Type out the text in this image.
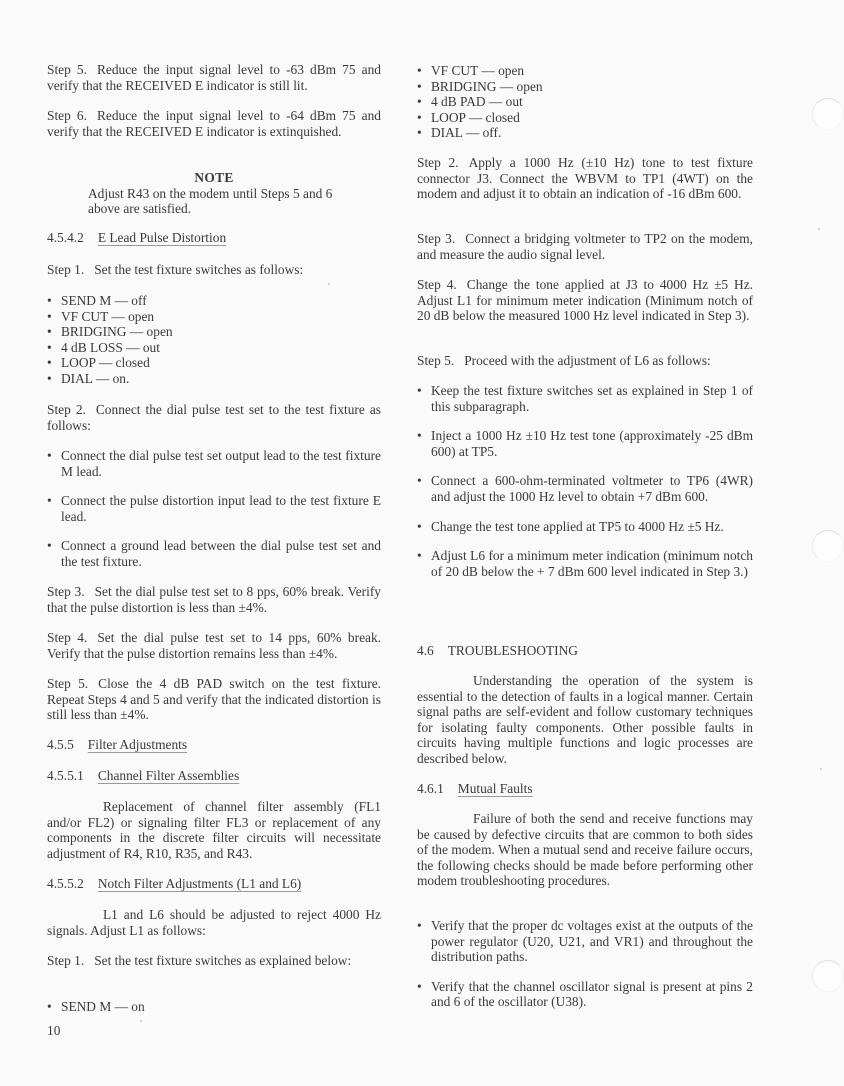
Step 5. Reduce the input signal level to -63 dBm 75 and verify that the RECEIVED E indicator is still lit.

Step 6. Reduce the input signal level to -64 dBm 75 and verify that the RECEIVED E indicator is extinquished.

NOTE

Adjust R43 on the modem until Steps 5 and 6 above are satisfied.

4.5.4.2 E Lead Pulse Distortion

Step 1. Set the test fixture switches as follows:

• SEND M — off
• VF CUT — open
• BRIDGING — open
• 4 dB LOSS — out
• LOOP — closed
• DIAL — on.

Step 2. Connect the dial pulse test set to the test fixture as follows:

• Connect the dial pulse test set output lead to the test fixture M lead.
• Connect the pulse distortion input lead to the test fixture E lead.
• Connect a ground lead between the dial pulse test set and the test fixture.

Step 3. Set the dial pulse test set to 8 pps, 60% break. Verify that the pulse distortion is less than ±4%.

Step 4. Set the dial pulse test set to 14 pps, 60% break. Verify that the pulse distortion remains less than ±4%.

Step 5. Close the 4 dB PAD switch on the test fixture. Repeat Steps 4 and 5 and verify that the indicated distortion is still less than ±4%.

4.5.5 Filter Adjustments

4.5.5.1 Channel Filter Assemblies

Replacement of channel filter assembly (FL1 and/or FL2) or signaling filter FL3 or replacement of any components in the discrete filter circuits will necessitate adjustment of R4, R10, R35, and R43.

4.5.5.2 Notch Filter Adjustments (L1 and L6)

L1 and L6 should be adjusted to reject 4000 Hz signals. Adjust L1 as follows:

Step 1. Set the test fixture switches as explained below:

• SEND M — on
• VF CUT — open
• BRIDGING — open
• 4 dB PAD — out
• LOOP — closed
• DIAL — off.

Step 2. Apply a 1000 Hz (±10 Hz) tone to test fixture connector J3. Connect the WBVM to TP1 (4WT) on the modem and adjust it to obtain an indication of -16 dBm 600.

Step 3. Connect a bridging voltmeter to TP2 on the modem, and measure the audio signal level.

Step 4. Change the tone applied at J3 to 4000 Hz ±5 Hz. Adjust L1 for minimum meter indication (Minimum notch of 20 dB below the measured 1000 Hz level indicated in Step 3).

Step 5. Proceed with the adjustment of L6 as follows:

• Keep the test fixture switches set as explained in Step 1 of this subparagraph.
• Inject a 1000 Hz ±10 Hz test tone (approximately -25 dBm 600) at TP5.
• Connect a 600-ohm-terminated voltmeter to TP6 (4WR) and adjust the 1000 Hz level to obtain +7 dBm 600.
• Change the test tone applied at TP5 to 4000 Hz ±5 Hz.
• Adjust L6 for a minimum meter indication (minimum notch of 20 dB below the + 7 dBm 600 level indicated in Step 3.)

4.6 TROUBLESHOOTING

Understanding the operation of the system is essential to the detection of faults in a logical manner. Certain signal paths are self-evident and follow customary techniques for isolating faulty components. Other possible faults in circuits having multiple functions and logic processes are described below.

4.6.1 Mutual Faults

Failure of both the send and receive functions may be caused by defective circuits that are common to both sides of the modem. When a mutual send and receive failure occurs, the following checks should be made before performing other modem troubleshooting procedures.

• Verify that the proper dc voltages exist at the outputs of the power regulator (U20, U21, and VR1) and throughout the distribution paths.
• Verify that the channel oscillator signal is present at pins 2 and 6 of the oscillator (U38).

10
